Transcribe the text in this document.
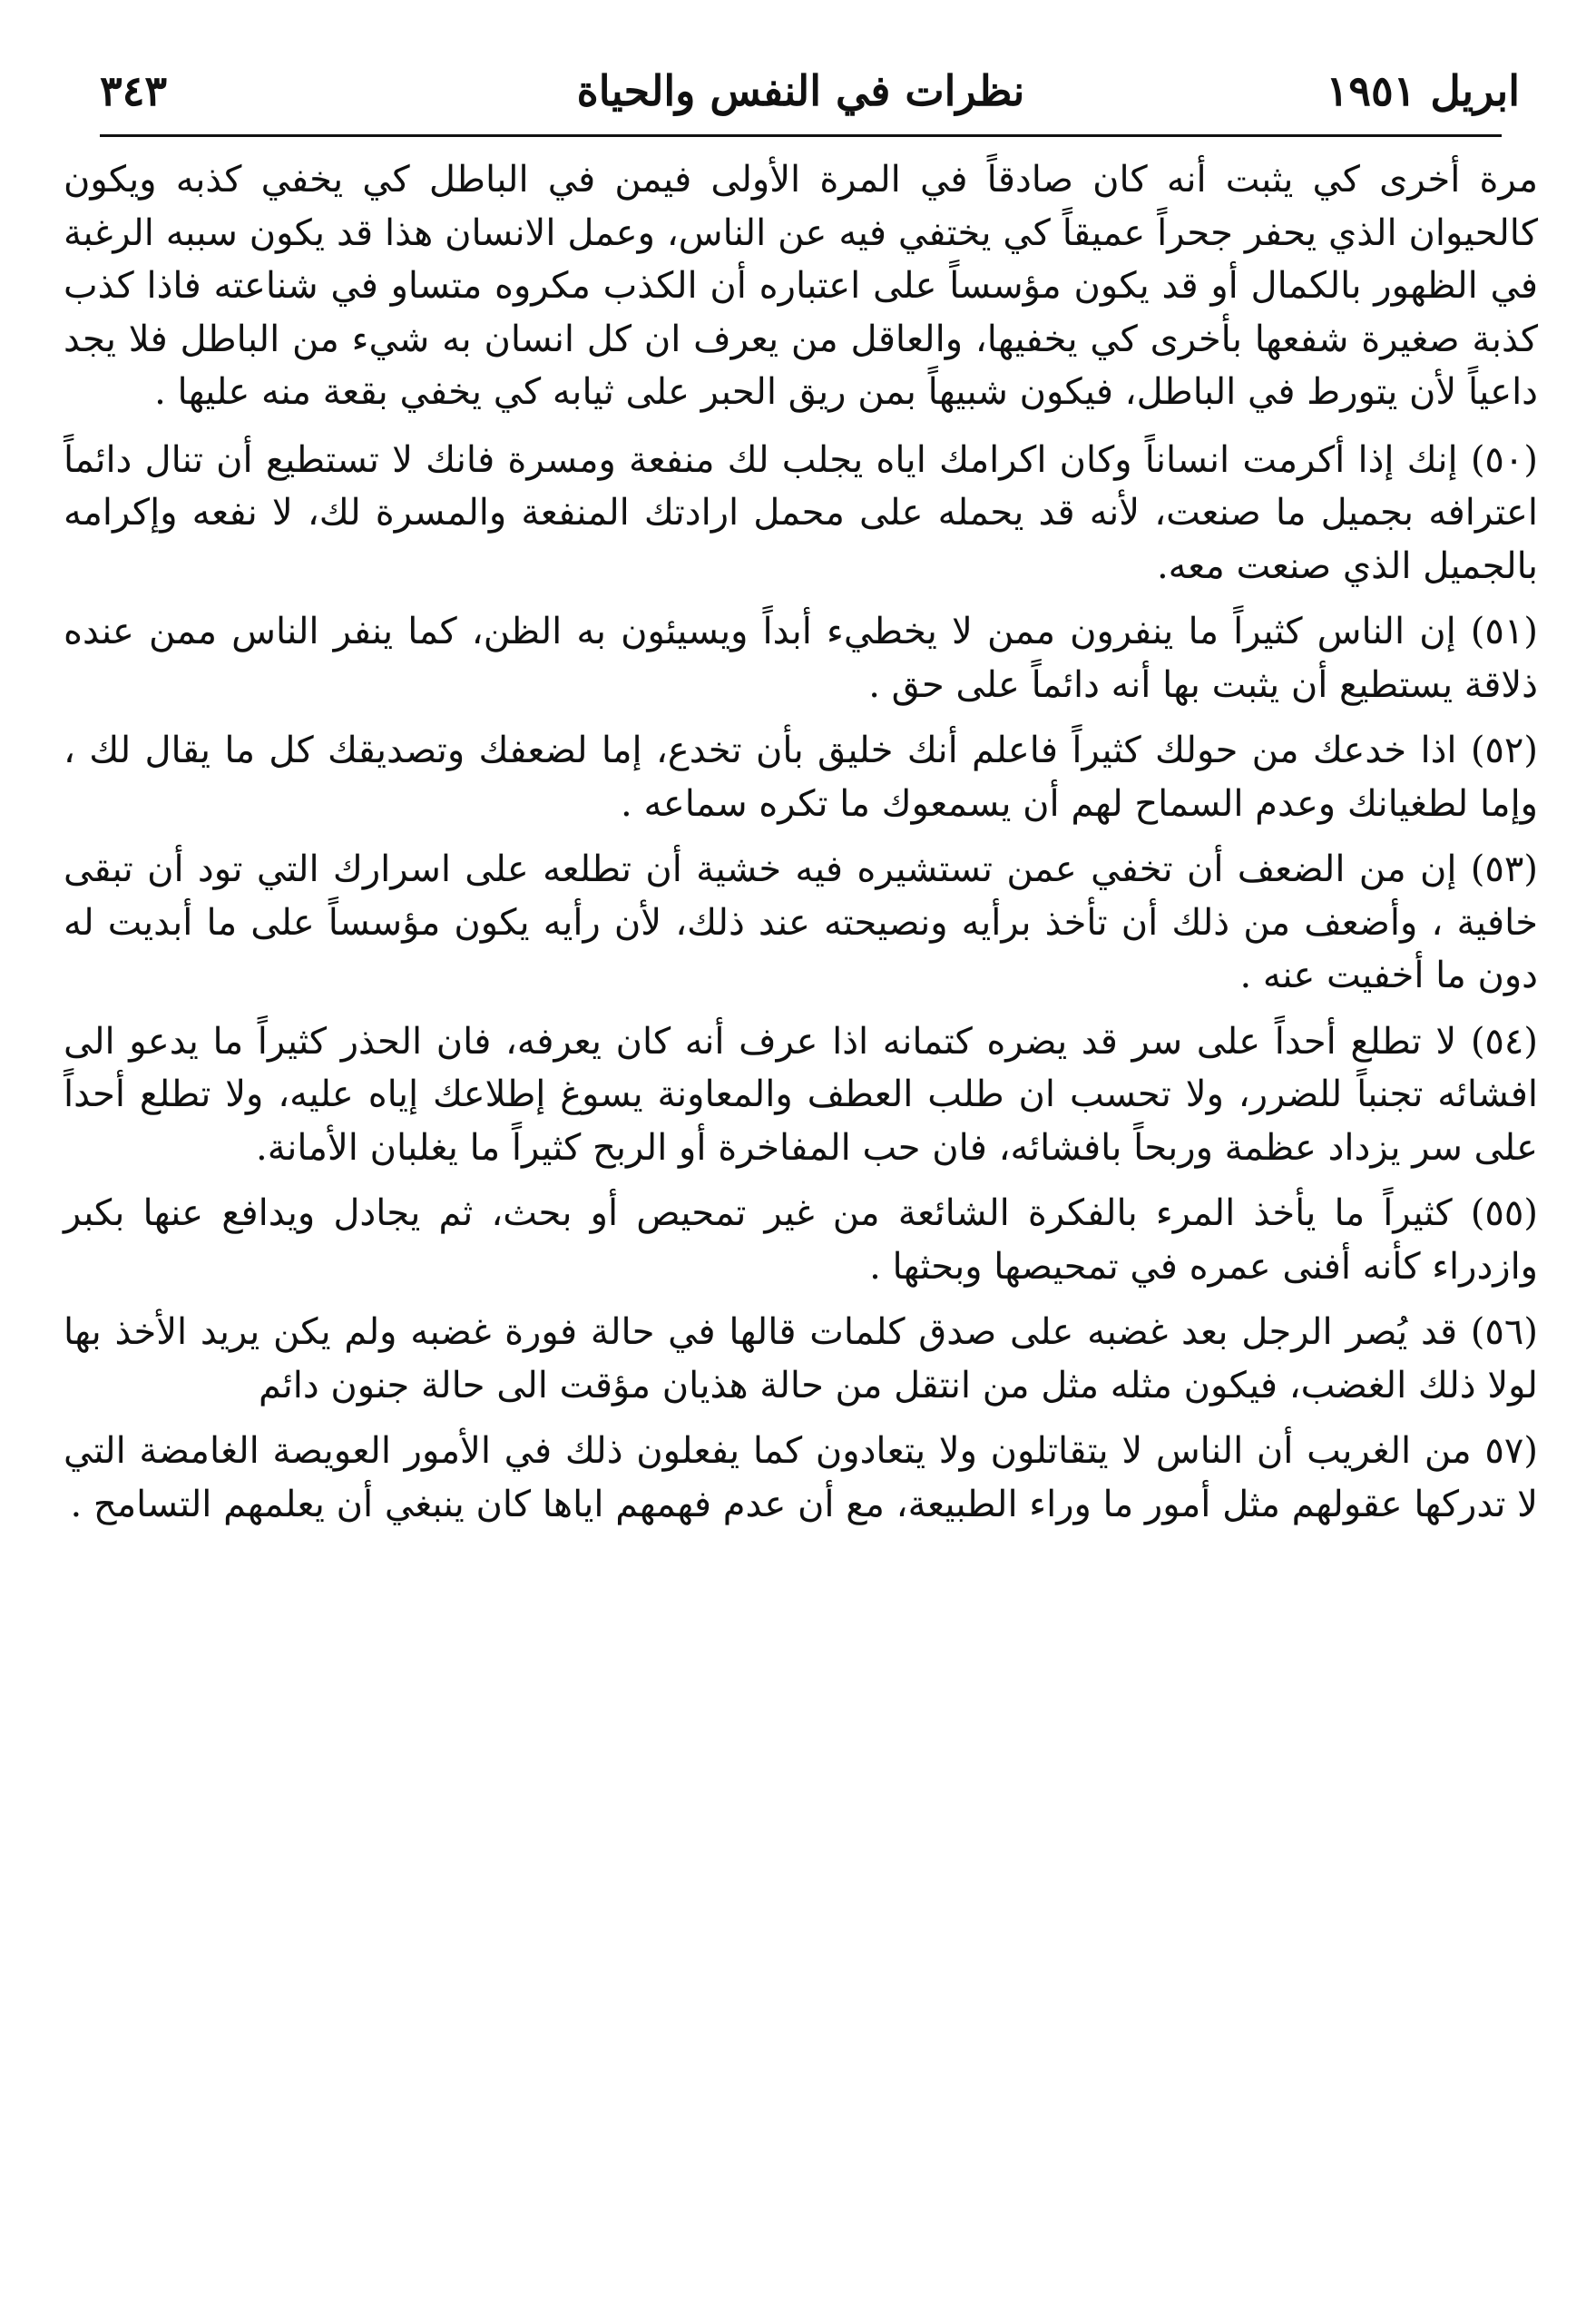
ابريل ١٩٥١
نظرات في النفس والحياة
٣٤٣

مرة أخرى كي يثبت أنه كان صادقاً في المرة الأولى فيمن في الباطل كي يخفي كذبه ويكون كالحيوان الذي يحفر جحراً عميقاً كي يختفي فيه عن الناس، وعمل الانسان هذا قد يكون سببه الرغبة في الظهور بالكمال أو قد يكون مؤسساً على اعتباره أن الكذب مكروه متساو في شناعته فاذا كذب كذبة صغيرة شفعها بأخرى كي يخفيها، والعاقل من يعرف ان كل انسان به شيء من الباطل فلا يجد داعياً لأن يتورط في الباطل، فيكون شبيهاً بمن ريق الحبر على ثيابه كي يخفي بقعة منه عليها .

(٥٠) إنك إذا أكرمت انساناً وكان اكرامك اياه يجلب لك منفعة ومسرة فانك لا تستطيع أن تنال دائماً اعترافه بجميل ما صنعت، لأنه قد يحمله على محمل ارادتك المنفعة والمسرة لك، لا نفعه وإكرامه بالجميل الذي صنعت معه.

(٥١) إن الناس كثيراً ما ينفرون ممن لا يخطيء أبداً ويسيئون به الظن، كما ينفر الناس ممن عنده ذلاقة يستطيع أن يثبت بها أنه دائماً على حق .

(٥٢) اذا خدعك من حولك كثيراً فاعلم أنك خليق بأن تخدع، إما لضعفك وتصديقك كل ما يقال لك ، وإما لطغيانك وعدم السماح لهم أن يسمعوك ما تكره سماعه .

(٥٣) إن من الضعف أن تخفي عمن تستشيره فيه خشية أن تطلعه على اسرارك التي تود أن تبقى خافية ، وأضعف من ذلك أن تأخذ برأيه ونصيحته عند ذلك، لأن رأيه يكون مؤسساً على ما أبديت له دون ما أخفيت عنه .

(٥٤) لا تطلع أحداً على سر قد يضره كتمانه اذا عرف أنه كان يعرفه، فان الحذر كثيراً ما يدعو الى افشائه تجنباً للضرر، ولا تحسب ان طلب العطف والمعاونة يسوغ إطلاعك إياه عليه، ولا تطلع أحداً على سر يزداد عظمة وربحاً بافشائه، فان حب المفاخرة أو الربح كثيراً ما يغلبان الأمانة.

(٥٥) كثيراً ما يأخذ المرء بالفكرة الشائعة من غير تمحيص أو بحث، ثم يجادل ويدافع عنها بكبر وازدراء كأنه أفنى عمره في تمحيصها وبحثها .

(٥٦) قد يُصر الرجل بعد غضبه على صدق كلمات قالها في حالة فورة غضبه ولم يكن يريد الأخذ بها لولا ذلك الغضب، فيكون مثله مثل من انتقل من حالة هذيان مؤقت الى حالة جنون دائم

(٥٧ من الغريب أن الناس لا يتقاتلون ولا يتعادون كما يفعلون ذلك في الأمور العويصة الغامضة التي لا تدركها عقولهم مثل أمور ما وراء الطبيعة، مع أن عدم فهمهم اياها كان ينبغي أن يعلمهم التسامح .
